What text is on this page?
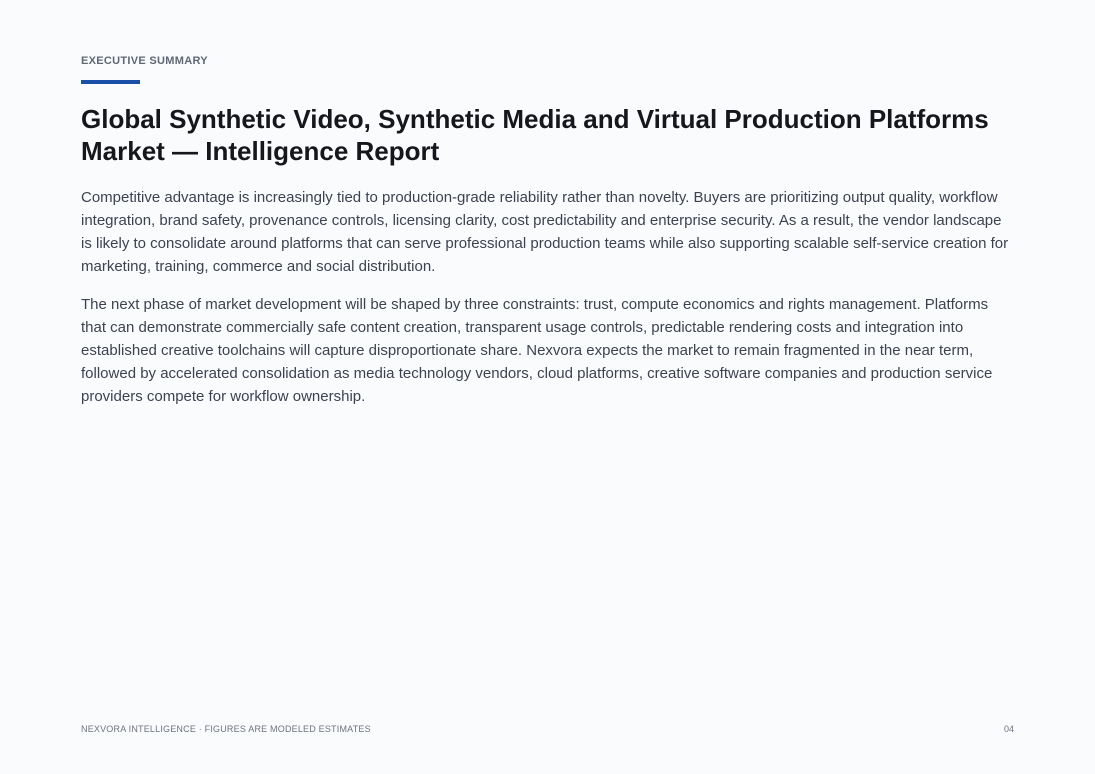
EXECUTIVE SUMMARY
Global Synthetic Video, Synthetic Media and Virtual Production Platforms Market — Intelligence Report

Competitive advantage is increasingly tied to production-grade reliability rather than novelty. Buyers are prioritizing output quality, workflow integration, brand safety, provenance controls, licensing clarity, cost predictability and enterprise security. As a result, the vendor landscape is likely to consolidate around platforms that can serve professional production teams while also supporting scalable self-service creation for marketing, training, commerce and social distribution.

The next phase of market development will be shaped by three constraints: trust, compute economics and rights management. Platforms that can demonstrate commercially safe content creation, transparent usage controls, predictable rendering costs and integration into established creative toolchains will capture disproportionate share. Nexvora expects the market to remain fragmented in the near term, followed by accelerated consolidation as media technology vendors, cloud platforms, creative software companies and production service providers compete for workflow ownership.

NEXVORA INTELLIGENCE · FIGURES ARE MODELED ESTIMATES	04
